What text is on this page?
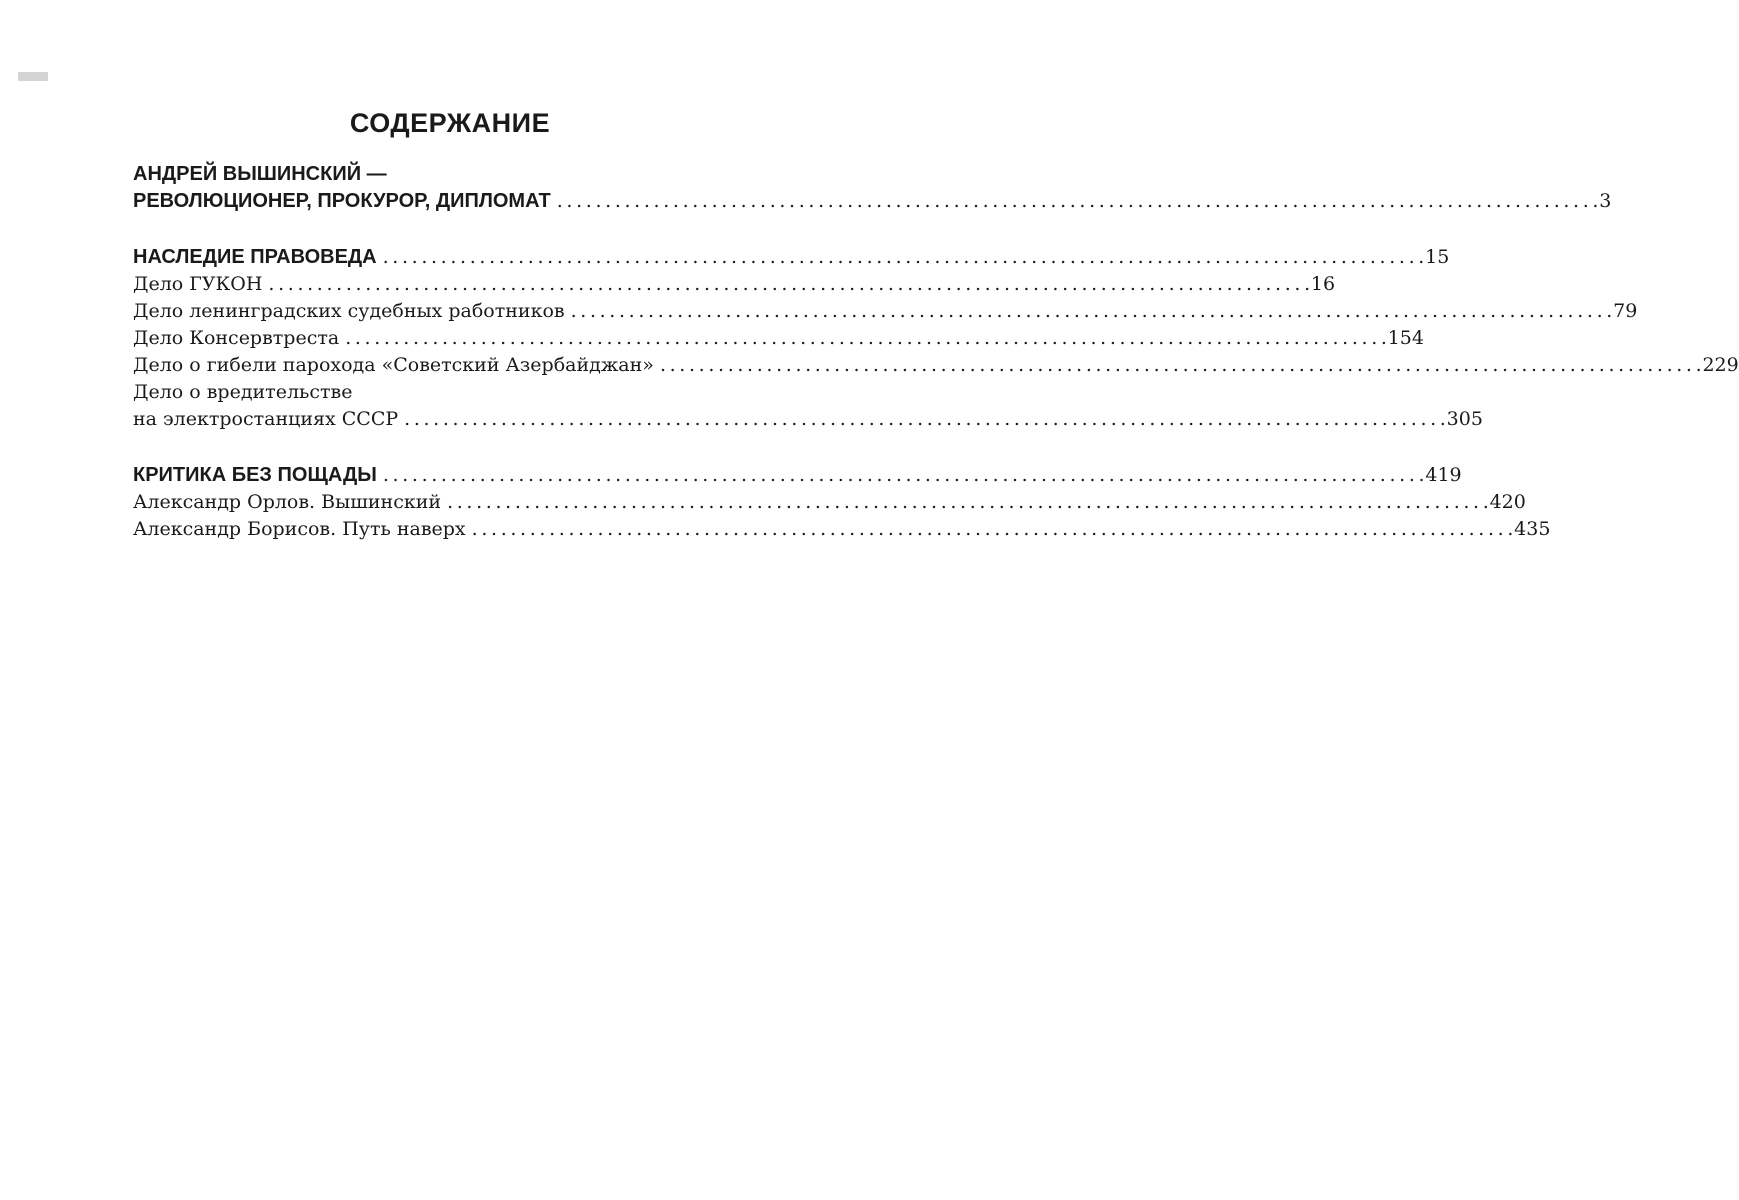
СОДЕРЖАНИЕ
АНДРЕЙ ВЫШИНСКИЙ —
РЕВОЛЮЦИОНЕР, ПРОКУРОР, ДИПЛОМАТ . . .	3
НАСЛЕДИЕ ПРАВОВЕДА . . .	15
Дело ГУКОН . . .	16
Дело ленинградских судебных работников . . .	79
Дело Консервтреста . . .	154
Дело о гибели парохода «Советский Азербайджан» . . .	229
Дело о вредительстве
на электростанциях СССР . . .	305
КРИТИКА БЕЗ ПОЩАДЫ . . .	419
Александр Орлов. Вышинский . . .	420
Александр Борисов. Путь наверх . . .	435
